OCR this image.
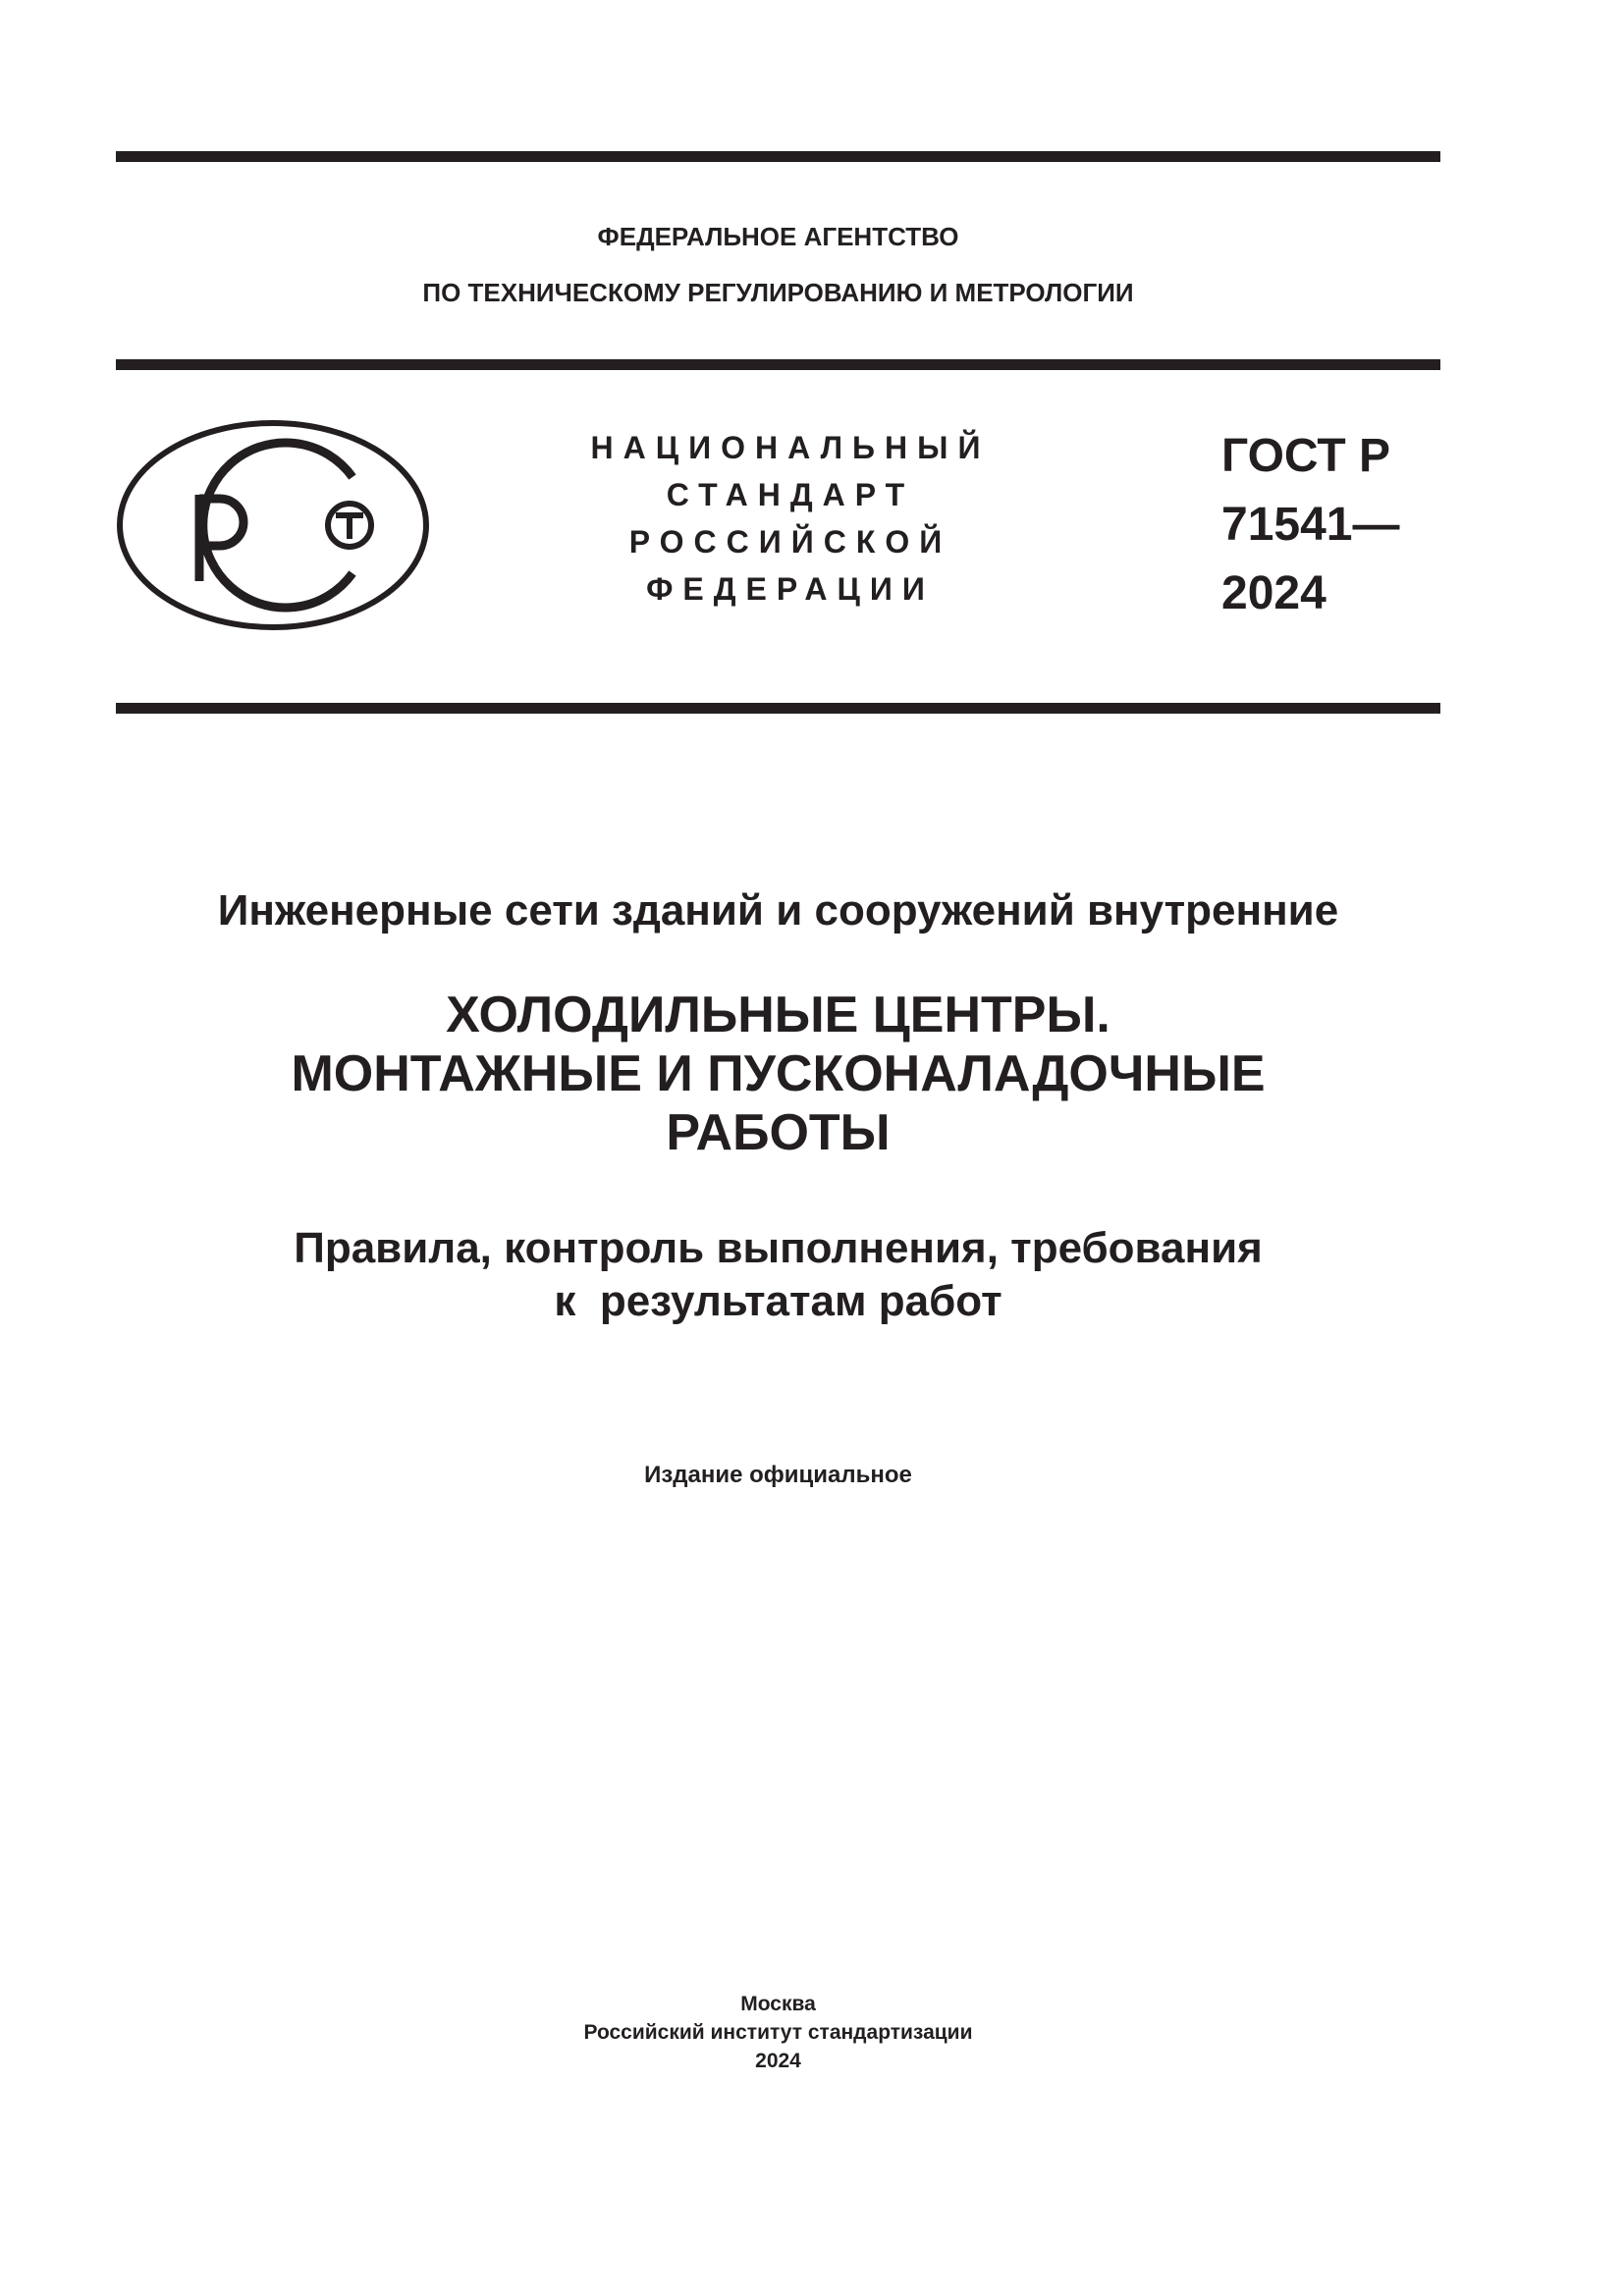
ФЕДЕРАЛЬНОЕ АГЕНТСТВО
ПО ТЕХНИЧЕСКОМУ РЕГУЛИРОВАНИЮ И МЕТРОЛОГИИ
НАЦИОНАЛЬНЫЙ
СТАНДАРТ
РОССИЙСКОЙ
ФЕДЕРАЦИИ
ГОСТ Р
71541—
2024
Инженерные сети зданий и сооружений внутренние
ХОЛОДИЛЬНЫЕ ЦЕНТРЫ.
МОНТАЖНЫЕ И ПУСКОНАЛАДОЧНЫЕ
РАБОТЫ
Правила, контроль выполнения, требования
к  результатам работ
Издание официальное
Москва
Российский институт стандартизации
2024
